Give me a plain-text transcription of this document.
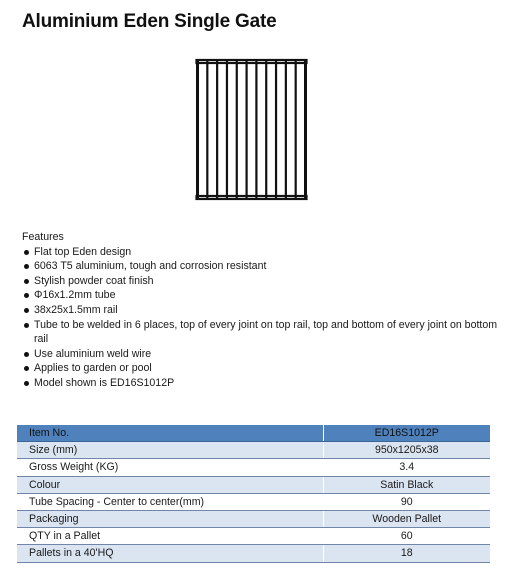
Aluminium Eden Single Gate
Features
Flat top Eden design
6063 T5 aluminium, tough and corrosion resistant
Stylish powder coat finish
Φ16x1.2mm tube
38x25x1.5mm rail
Tube to be welded in 6 places, top of every joint on top rail, top and bottom of every joint on bottom rail
Use aluminium weld wire
Applies to garden or pool
Model shown is ED16S1012P
Item No.	ED16S1012P
Size (mm)	950x1205x38
Gross Weight (KG)	3.4
Colour	Satin Black
Tube Spacing - Center to center(mm)	90
Packaging	Wooden Pallet
QTY in a Pallet	60
Pallets in a 40'HQ	18
